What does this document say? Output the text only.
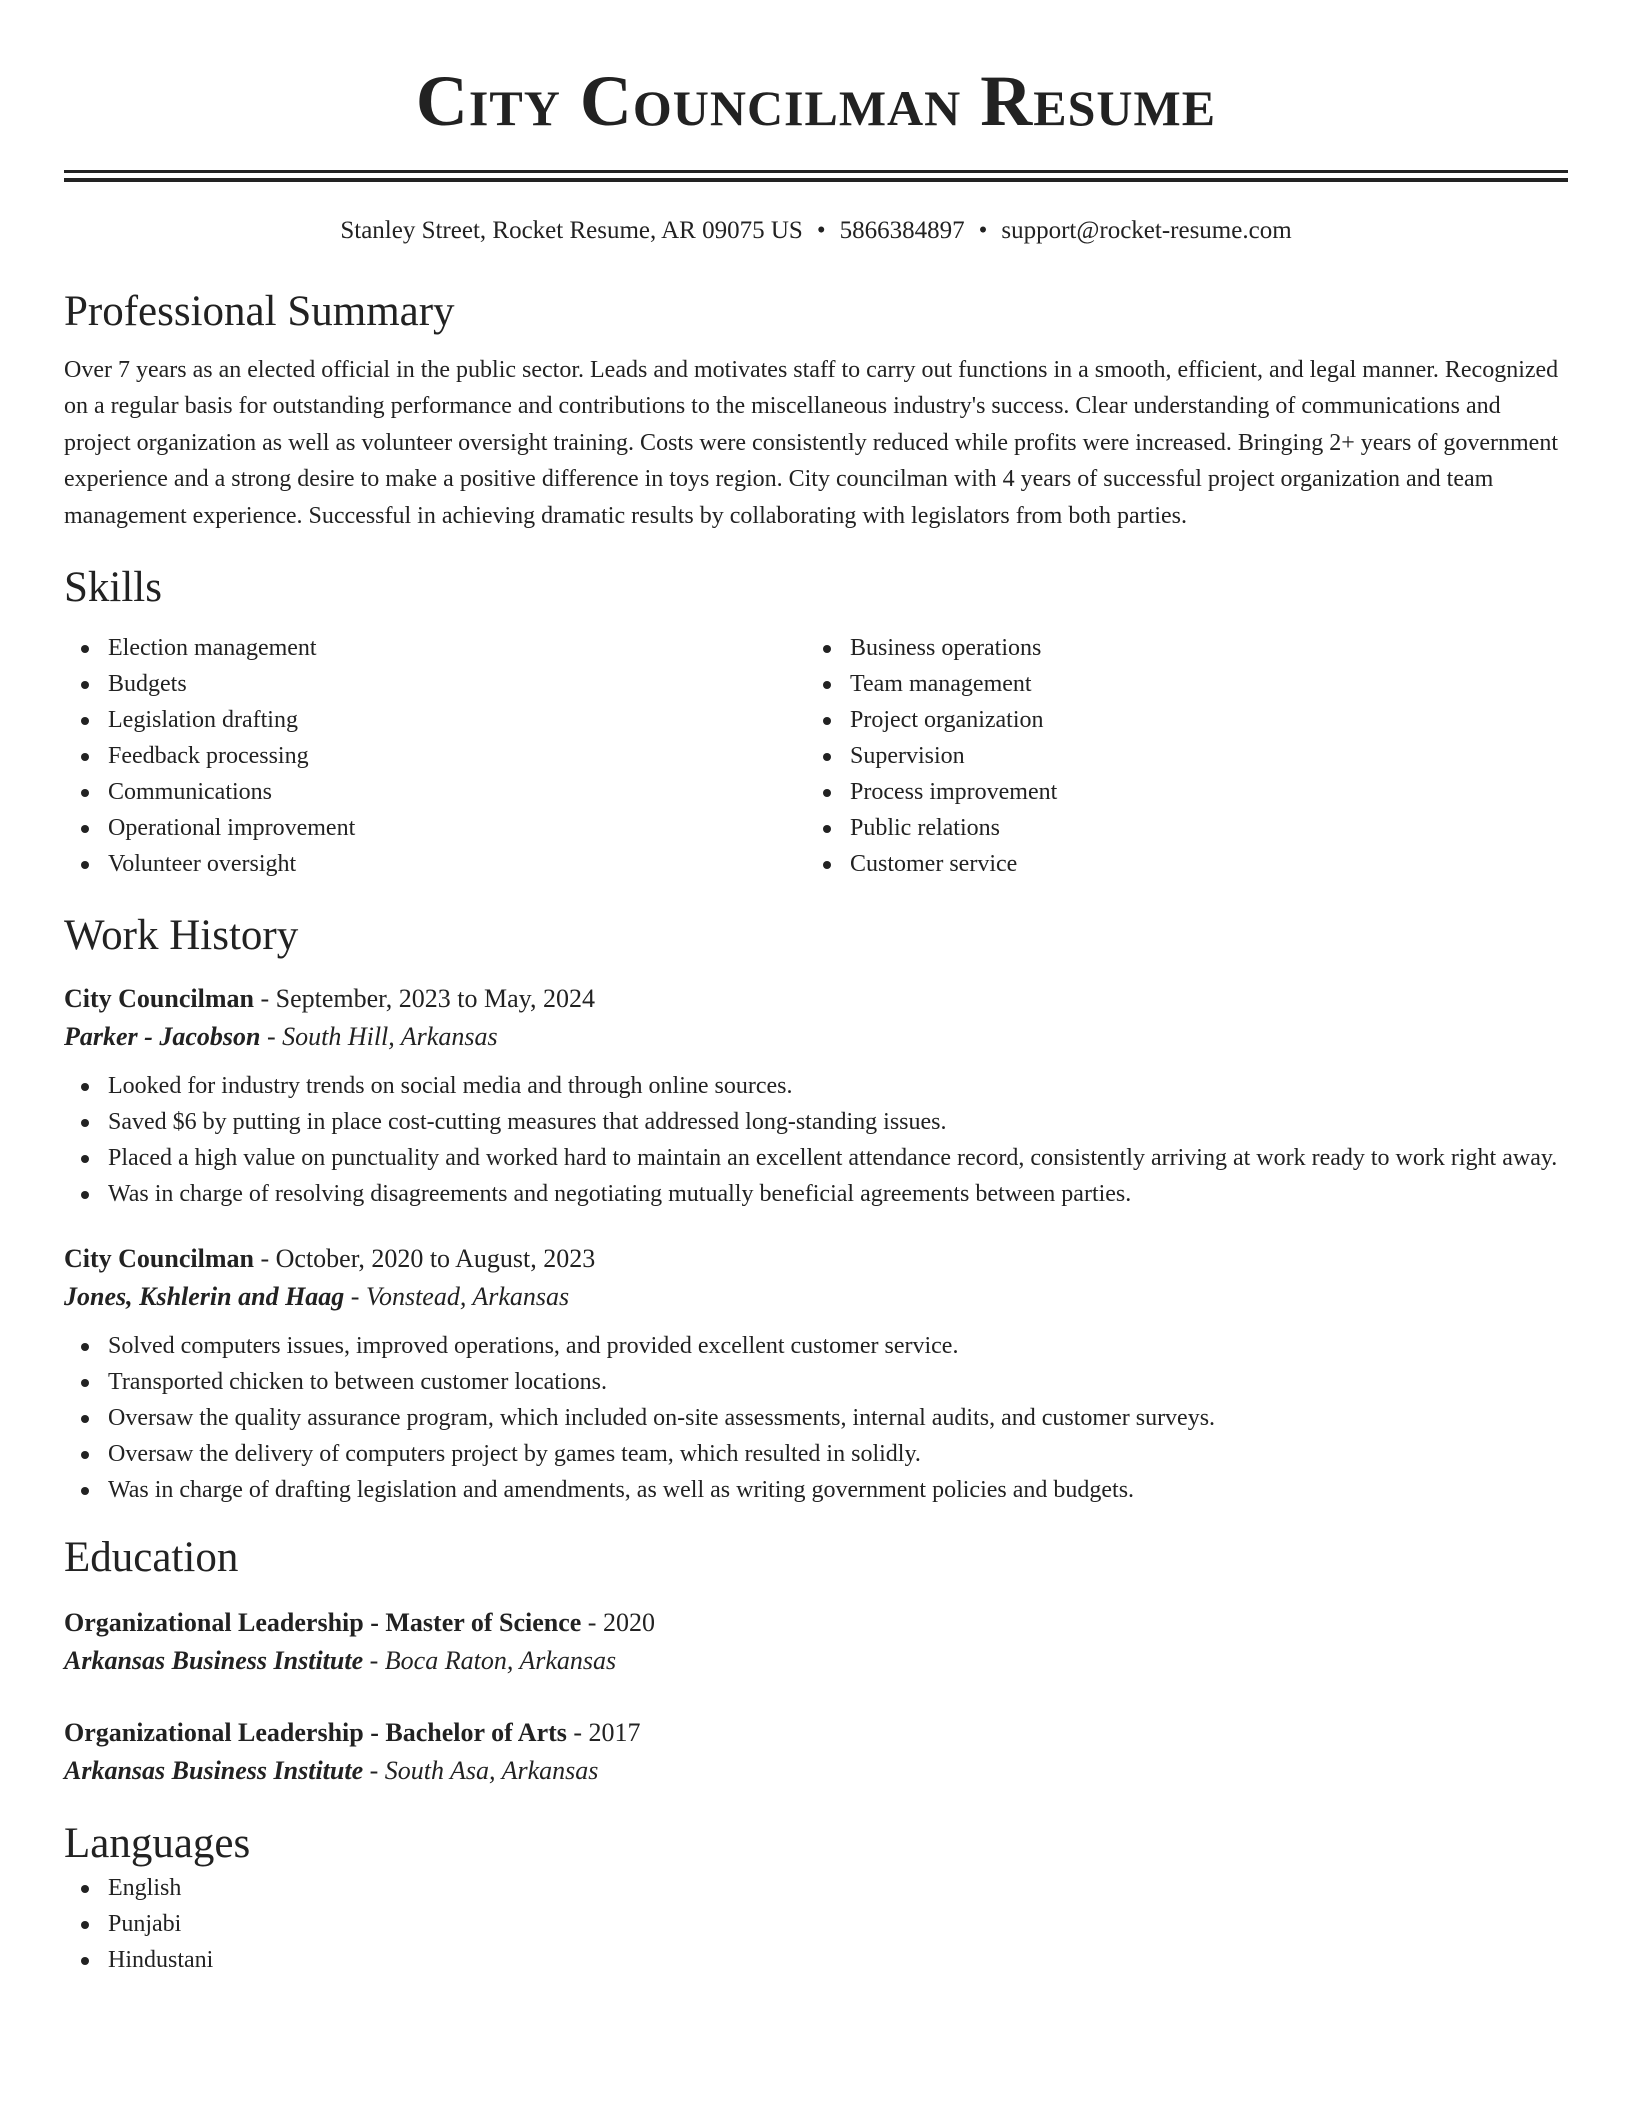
City Councilman Resume
Stanley Street, Rocket Resume, AR 09075 US • 5866384897 • support@rocket-resume.com
Professional Summary

Over 7 years as an elected official in the public sector. Leads and motivates staff to carry out functions in a smooth, efficient, and legal manner. Recognized on a regular basis for outstanding performance and contributions to the miscellaneous industry's success. Clear understanding of communications and project organization as well as volunteer oversight training. Costs were consistently reduced while profits were increased. Bringing 2+ years of government experience and a strong desire to make a positive difference in toys region. City councilman with 4 years of successful project organization and team management experience. Successful in achieving dramatic results by collaborating with legislators from both parties.

Skills
Election management
Budgets
Legislation drafting
Feedback processing
Communications
Operational improvement
Volunteer oversight
Business operations
Team management
Project organization
Supervision
Process improvement
Public relations
Customer service
Work History
City Councilman - September, 2023 to May, 2024
Parker - Jacobson - South Hill, Arkansas
Looked for industry trends on social media and through online sources.
Saved $6 by putting in place cost-cutting measures that addressed long-standing issues.
Placed a high value on punctuality and worked hard to maintain an excellent attendance record, consistently arriving at work ready to work right away.
Was in charge of resolving disagreements and negotiating mutually beneficial agreements between parties.
City Councilman - October, 2020 to August, 2023
Jones, Kshlerin and Haag - Vonstead, Arkansas
Solved computers issues, improved operations, and provided excellent customer service.
Transported chicken to between customer locations.
Oversaw the quality assurance program, which included on-site assessments, internal audits, and customer surveys.
Oversaw the delivery of computers project by games team, which resulted in solidly.
Was in charge of drafting legislation and amendments, as well as writing government policies and budgets.
Education
Organizational Leadership - Master of Science - 2020
Arkansas Business Institute - Boca Raton, Arkansas
Organizational Leadership - Bachelor of Arts - 2017
Arkansas Business Institute - South Asa, Arkansas
Languages
English
Punjabi
Hindustani
